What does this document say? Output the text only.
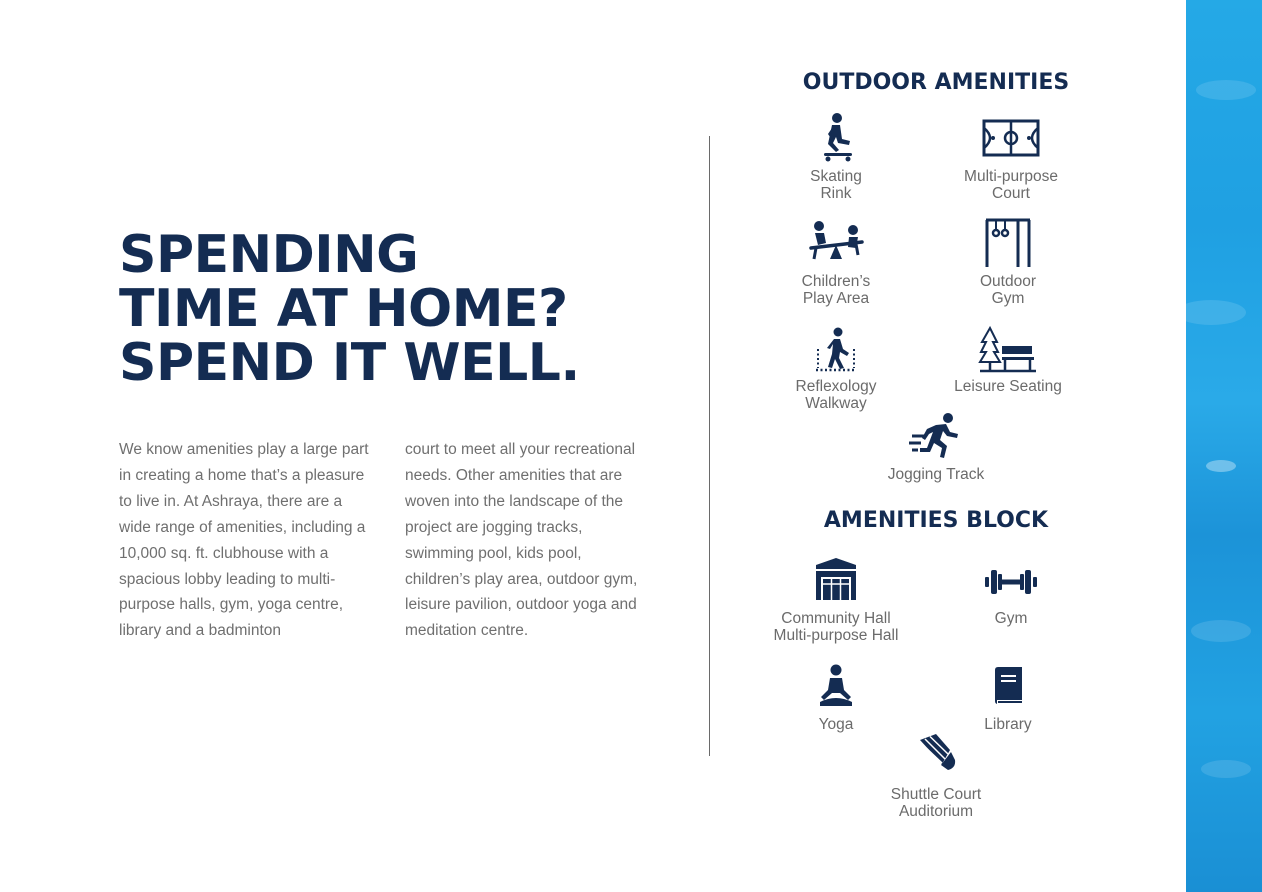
SPENDING
TIME AT HOME?
SPEND IT WELL.

We know amenities play a large part in creating a home that’s a pleasure to live in. At Ashraya, there are a wide range of amenities, including a 10,000 sq. ft. clubhouse with a spacious lobby leading to multi-purpose halls, gym, yoga centre, library and a badminton

court to meet all your recreational needs. Other amenities that are woven into the landscape of the project are jogging tracks, swimming pool, kids pool, children’s play area, outdoor gym, leisure pavilion, outdoor yoga and meditation centre.

OUTDOOR AMENITIES
Skating
Rink
Multi-purpose
Court
Children’s
Play Area
Outdoor
Gym
Reflexology
Walkway
Leisure Seating
Jogging Track
AMENITIES BLOCK
Community Hall
Multi-purpose Hall
Gym
Yoga	Library
Shuttle Court
Auditorium
